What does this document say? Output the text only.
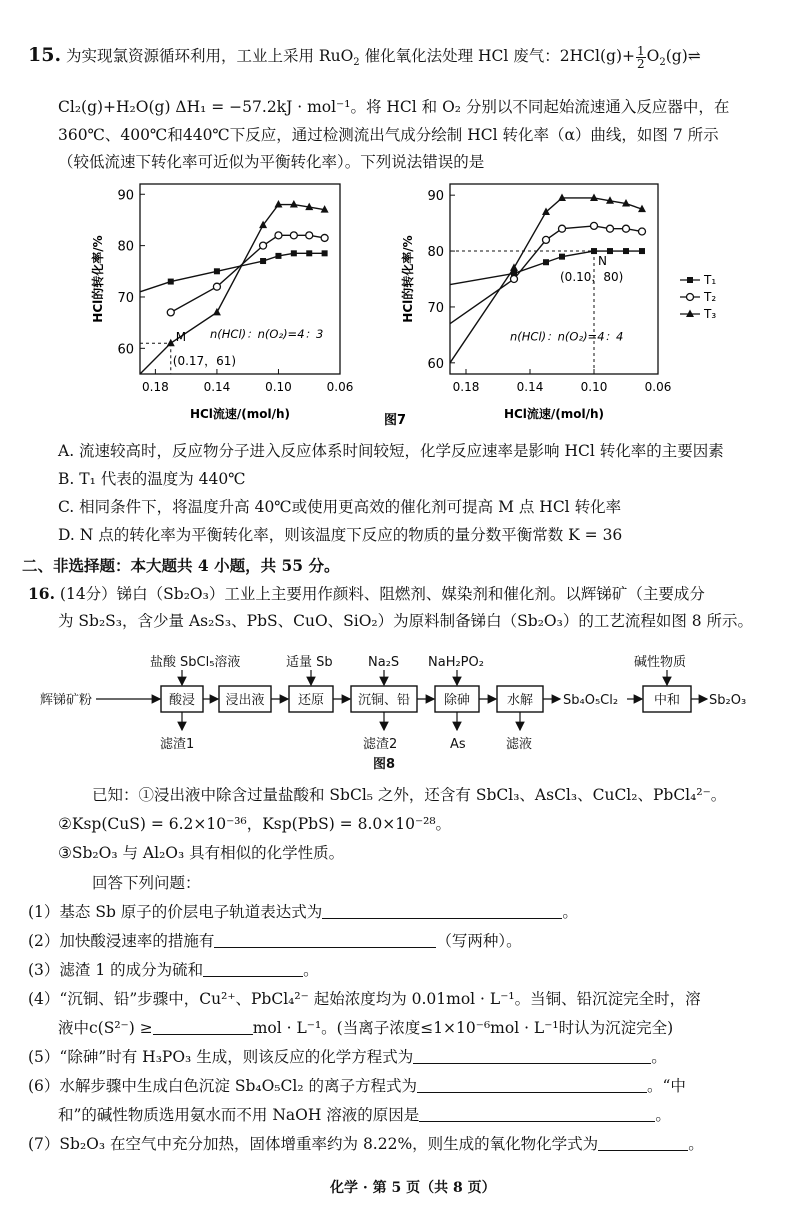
15. 为实现氯资源循环利用，工业上采用 RuO$_2$ 催化氧化法处理 HCl 废气：$2HCl(g)+ \frac{1}{2}$ $O_2(g)\rightleftharpoons$
Cl₂(g)+H₂O(g) ΔH₁ = −57.2kJ · mol⁻¹。将 HCl 和 O₂ 分别以不同起始流速通入反应器中，在
360℃、400℃和440℃下反应，通过检测流出气成分绘制 HCl 转化率（α）曲线，如图 7 所示
（较低流速下转化率可近似为平衡转化率）。下列说法错误的是
60
70
80
90
0.18	0.14	0.10	0.06
HCl流速/(mol/h)
HCl的转化率/%
M
(0.17，61)
n(HCl)：n(O₂)=4：3
60
70
80
90
0.18	0.14	0.10	0.06
HCl流速/(mol/h)
HCl的转化率/%	N
(0.10，80)
n(HCl)：n(O₂)=4：4
T₁
T₂
T₃
图7
A. 流速较高时，反应物分子进入反应体系时间较短，化学反应速率是影响 HCl 转化率的主要因素
B. T₁ 代表的温度为 440℃
C. 相同条件下，将温度升高 40℃或使用更高效的催化剂可提高 M 点 HCl 转化率
D. N 点的转化率为平衡转化率，则该温度下反应的物质的量分数平衡常数 K = 36
二、非选择题：本大题共 4 小题，共 55 分。
16. (14分）锑白（Sb₂O₃）工业上主要用作颜料、阻燃剂、媒染剂和催化剂。以辉锑矿（主要成分
为 Sb₂S₃，含少量 As₂S₃、PbS、CuO、SiO₂）为原料制备锑白（Sb₂O₃）的工艺流程如图 8 所示。
辉锑矿粉	酸浸 浸出液	还原	沉铜、铅	除砷	水解 Sb₄O₅Cl₂	中和 Sb₂O₃
盐酸 SbCl₅溶液	适量 Sb	Na₂S NaH₂PO₂	碱性物质
滤渣1	滤渣2	As	滤液
图8
已知：①浸出液中除含过量盐酸和 SbCl₅ 之外，还含有 SbCl₃、AsCl₃、CuCl₂、PbCl₄²⁻。
②Ksp(CuS) = 6.2×10⁻³⁶，Ksp(PbS) = 8.0×10⁻²⁸。
③Sb₂O₃ 与 Al₂O₃ 具有相似的化学性质。
回答下列问题：
(1）基态 Sb 原子的价层电子轨道表达式为	。
(2）加快酸浸速率的措施有	（写两种）。
(3）滤渣 1 的成分为硫和	。
(4）“沉铜、铅”步骤中，Cu²⁺、PbCl₄²⁻ 起始浓度均为 0.01mol · L⁻¹。当铜、铅沉淀完全时，溶
液中c(S²⁻) ≥	mol · L⁻¹。(当离子浓度≤1×10⁻⁶mol · L⁻¹时认为沉淀完全)
(5）“除砷”时有 H₃PO₃ 生成，则该反应的化学方程式为	。
(6）水解步骤中生成白色沉淀 Sb₄O₅Cl₂ 的离子方程式为	。“中
和”的碱性物质选用氨水而不用 NaOH 溶液的原因是	。
(7）Sb₂O₃ 在空气中充分加热，固体增重率约为 8.22%，则生成的氧化物化学式为	。
化学 · 第 5 页（共 8 页）
